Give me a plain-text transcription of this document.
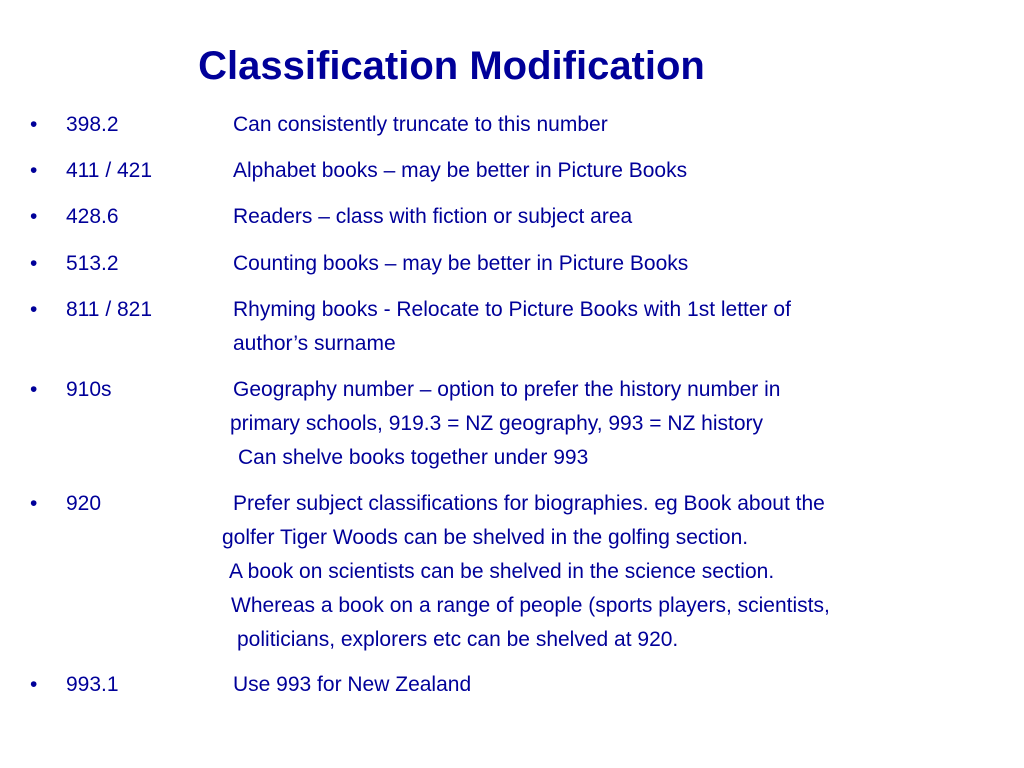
Classification Modification
• 398.2	Can consistently truncate to this number
• 411 / 421	Alphabet books – may be better in Picture Books
• 428.6	Readers – class with fiction or subject area
• 513.2	Counting books – may be better in Picture Books
• 811 / 821	Rhyming books - Relocate to Picture Books with 1st letter of
author’s surname
• 910s	Geography number – option to prefer the history number in
primary schools, 919.3 = NZ geography, 993 = NZ history
Can shelve books together under 993
• 920	Prefer subject classifications for biographies. eg Book about the
golfer Tiger Woods can be shelved in the golfing section.
A book on scientists can be shelved in the science section.
Whereas a book on a range of people (sports players, scientists,
politicians, explorers etc can be shelved at 920.
• 993.1	Use 993 for New Zealand
